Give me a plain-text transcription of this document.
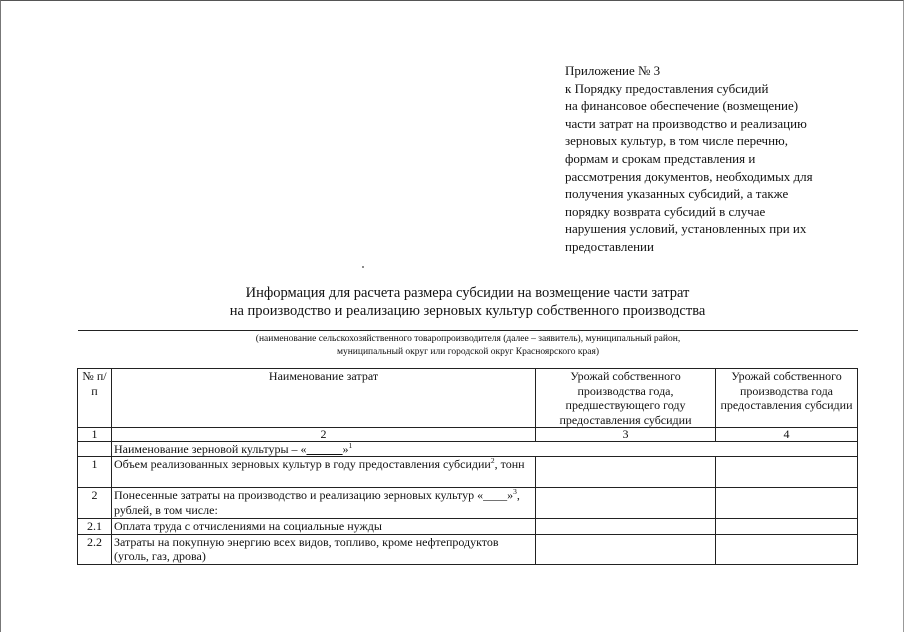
Приложение № 3
к Порядку предоставления субсидий
на финансовое обеспечение (возмещение)
части затрат на производство и реализацию
зерновых культур, в том числе перечню,
формам и срокам представления и
рассмотрения документов, необходимых для
получения указанных субсидий, а также
порядку возврата субсидий в случае
нарушения условий, установленных при их
предоставлении
Информация для расчета размера субсидии на возмещение части затрат
на производство и реализацию зерновых культур собственного производства
(наименование сельскохозяйственного товаропроизводителя (далее – заявитель), муниципальный район,
муниципальный округ или городской округ Красноярского края)
№ п/п	Наименование затрат	Урожай собственного производства года, предшествующего году предоставления субсидии	Урожай собственного производства года предоставления субсидии
1	2	3	4
	Наименование зерновой культуры – «______»$^1$
1	Объем реализованных зерновых культур в году предоставления субсидии$^2$, тонн		
2	Понесенные затраты на производство и реализацию зерновых культур «____»$^3$, рублей, в том числе:		
2.1	Оплата труда с отчислениями на социальные нужды		
2.2	Затраты на покупную энергию всех видов, топливо, кроме нефтепродуктов (уголь, газ, дрова)		
